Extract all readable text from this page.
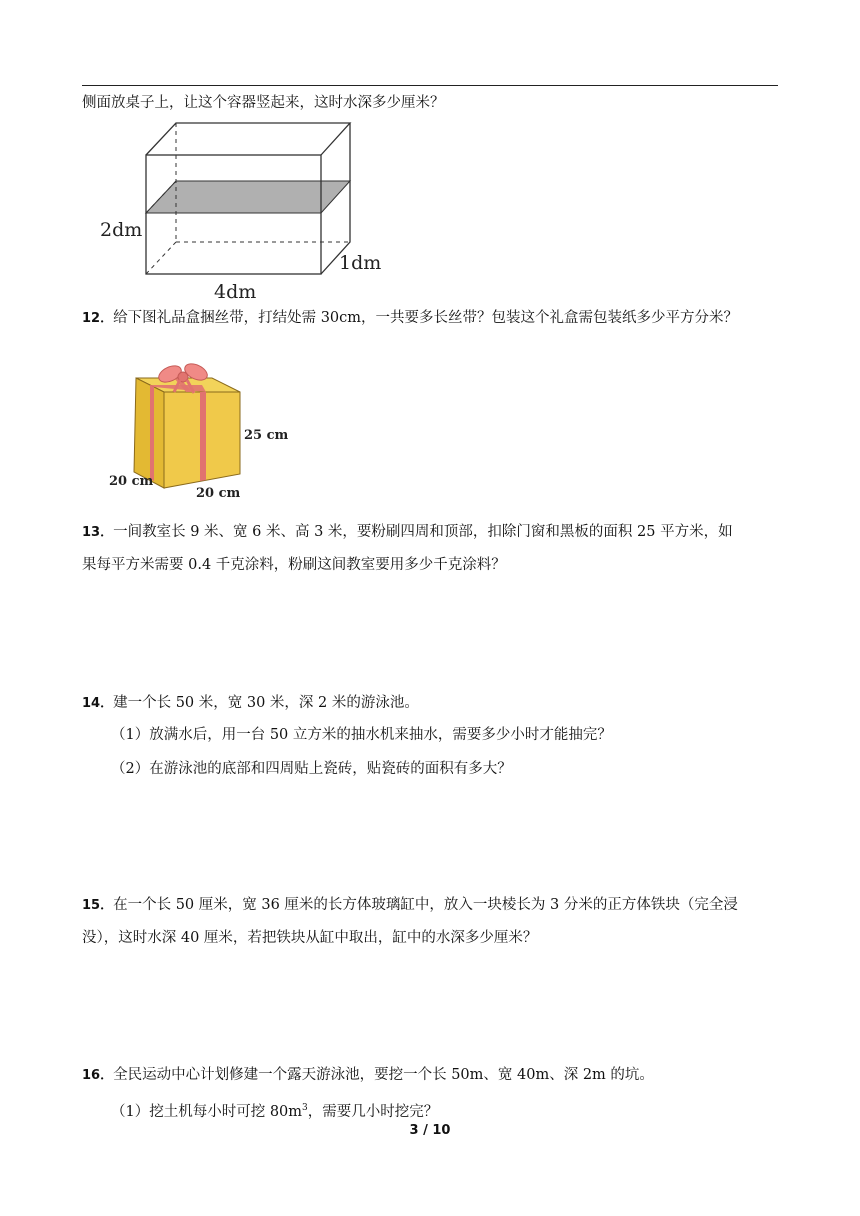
侧面放桌子上，让这个容器竖起来，这时水深多少厘米？
2dm
1dm
4dm
12．给下图礼品盒捆丝带，打结处需 30cm，一共要多长丝带？包装这个礼盒需包装纸多少平方分米？
25 cm
20 cm
20 cm
13．一间教室长 9 米、宽 6 米、高 3 米，要粉刷四周和顶部，扣除门窗和黑板的面积 25 平方米，如
果每平方米需要 0.4 千克涂料，粉刷这间教室要用多少千克涂料？
14．建一个长 50 米，宽 30 米，深 2 米的游泳池。
（1）放满水后，用一台 50 立方米的抽水机来抽水，需要多少小时才能抽完？
（2）在游泳池的底部和四周贴上瓷砖，贴瓷砖的面积有多大？
15．在一个长 50 厘米，宽 36 厘米的长方体玻璃缸中，放入一块棱长为 3 分米的正方体铁块（完全浸
没），这时水深 40 厘米，若把铁块从缸中取出，缸中的水深多少厘米？
16．全民运动中心计划修建一个露天游泳池，要挖一个长 50m、宽 40m、深 2m 的坑。
（1）挖土机每小时可挖 $80m^3$，需要几小时挖完？
3 / 10
